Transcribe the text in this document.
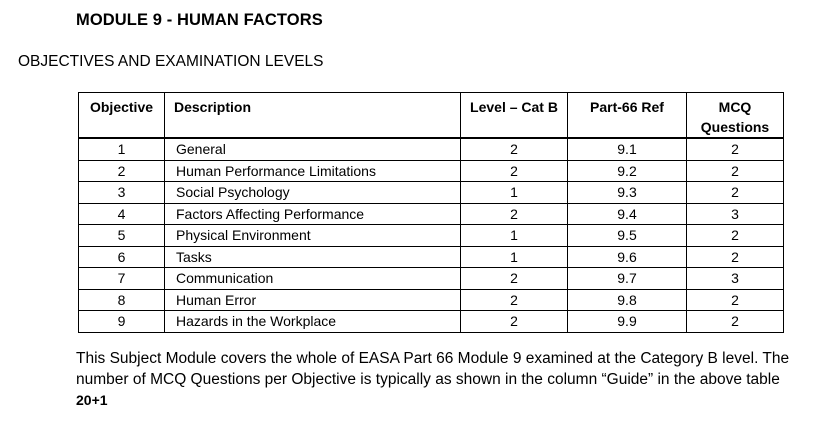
MODULE 9 - HUMAN FACTORS
OBJECTIVES AND EXAMINATION LEVELS
Objective	Description	Level – Cat B	Part-66 Ref	MCQ
Questions
1	General	2	9.1	2
2	Human Performance Limitations	2	9.2	2
3	Social Psychology	1	9.3	2
4	Factors Affecting Performance	2	9.4	3
5	Physical Environment	1	9.5	2
6	Tasks	1	9.6	2
7	Communication	2	9.7	3
8	Human Error	2	9.8	2
9	Hazards in the Workplace	2	9.9	2
This Subject Module covers the whole of EASA Part 66 Module 9 examined at the Category B level. The number of MCQ Questions per Objective is typically as shown in the column “Guide” in the above table 20+1
